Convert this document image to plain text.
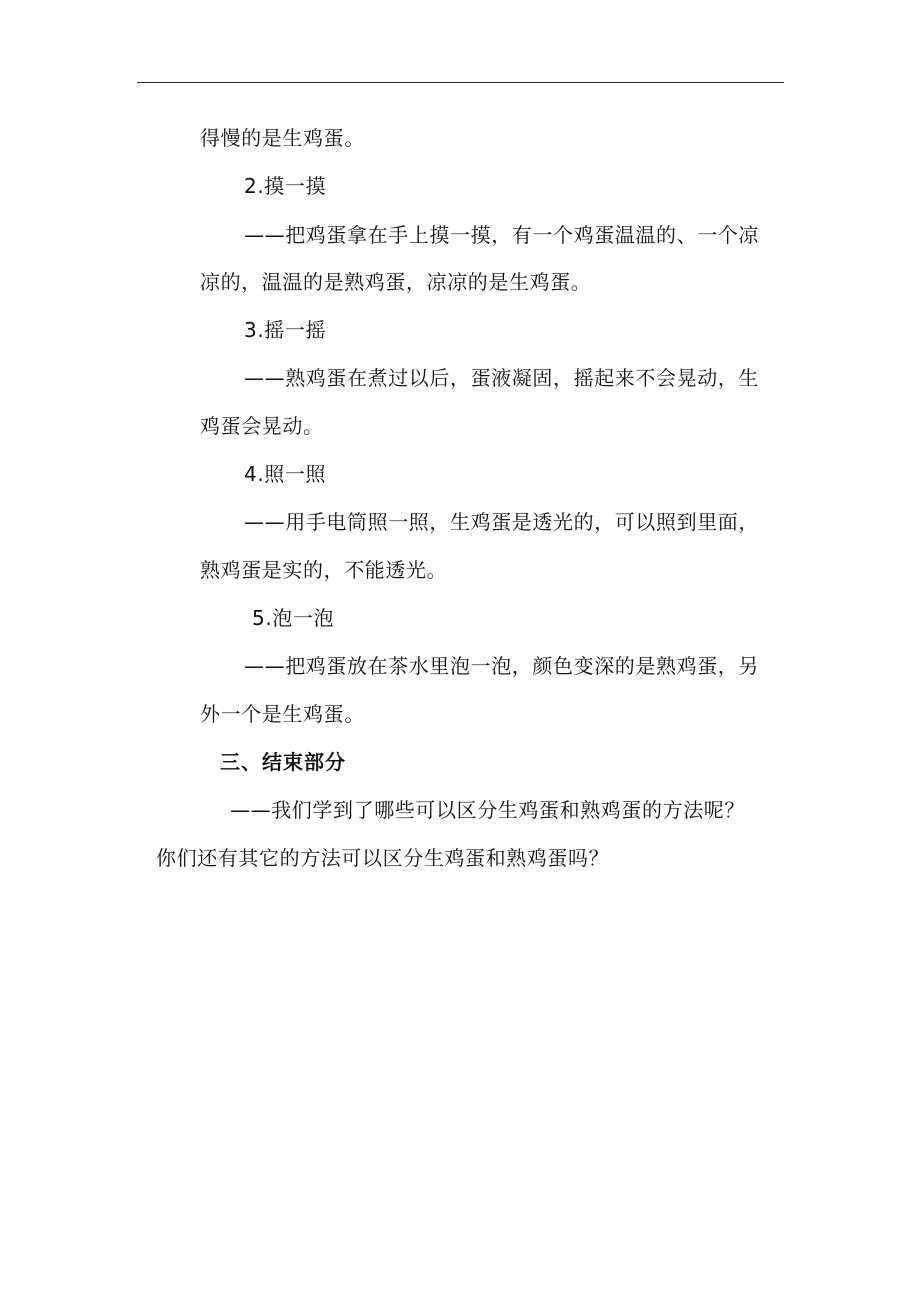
得慢的是生鸡蛋。
2.摸一摸
——把鸡蛋拿在手上摸一摸，有一个鸡蛋温温的、一个凉
凉的，温温的是熟鸡蛋，凉凉的是生鸡蛋。
3.摇一摇
——熟鸡蛋在煮过以后，蛋液凝固，摇起来不会晃动，生
鸡蛋会晃动。
4.照一照
——用手电筒照一照，生鸡蛋是透光的，可以照到里面，
熟鸡蛋是实的，不能透光。
5.泡一泡
——把鸡蛋放在茶水里泡一泡，颜色变深的是熟鸡蛋，另
外一个是生鸡蛋。
三、结束部分
——我们学到了哪些可以区分生鸡蛋和熟鸡蛋的方法呢？
你们还有其它的方法可以区分生鸡蛋和熟鸡蛋吗？
